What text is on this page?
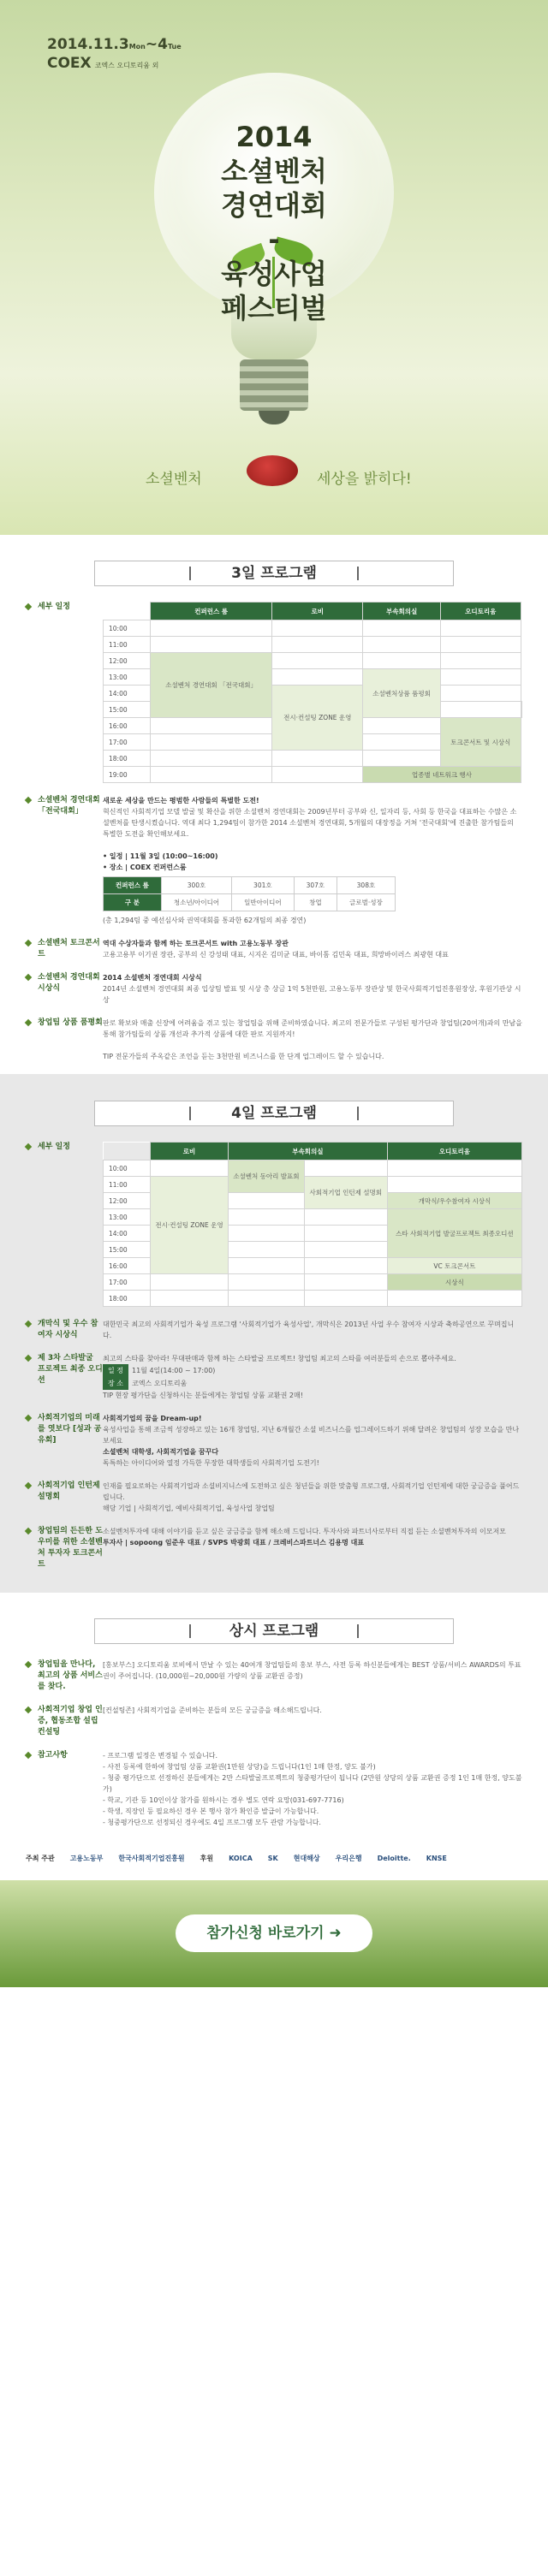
2014.11.3Mon~4Tue
COEX 코엑스 오디토리움 외
2014
소셜벤처
경연대회
-
육성사업
페스티벌
소셜벤처	세상을 밝히다!
3일 프로그램
세부 일정
		컨퍼런스 룸	로비	부속회의실	오디토리움	
10:00					
11:00					
12:00	소셜벤처 경연대회 「전국대회」				
13:00			소셜벤처상품 품평회		
14:00		전시·컨설팅 ZONE 운영			
15:00					
16:00				토크콘서트 및 시상식	
17:00					
18:00					
19:00			업종별 네트워크 행사		
소셜벤처 경연대회 「전국대회」
새로운 세상을 만드는 평범한 사람들의 특별한 도전!
혁신적인 사회적기업 모델 발굴 및 확산을 위한 소셜벤처 경연대회는 2009년부터 공부와 신, 일자리 등, 사회 등 한국을 대표하는 수많은 소셜벤처를 탄생시켰습니다. 역대 최다 1,294팀이 참가한 2014 소셜벤처 경연대회, 5개월의 대장정을 거쳐 '전국대회'에 진출한 참가팀들의 특별한 도전을 확인해보세요.

• 일정 | 11월 3일 (10:00~16:00)
• 장소 | COEX 컨퍼런스룸
컨퍼런스 룸	300호	301호	307호	308호
구 분	청소년/아이디어	일반아이디어	창업	글로벌·성장
(총 1,294팀 중 예선심사와 권역대회를 통과한 62개팀의 최종 경연)
소셜벤처 토크콘서트
역대 수상자들과 함께 하는 토크콘서트 with 고용노동부 장관
고용고용부 이기권 장관, 공부의 신 강성태 대표, 시지온 김미균 대표, 바이톰 김민욱 대표, 희망바이러스 최광현 대표
소셜벤처 경연대회 시상식
2014 소셜벤처 경연대회 시상식
2014년 소셜벤처 경연대회 최종 입상팀 발표 및 시상 총 상금 1억 5천만원, 고용노동부 장관상 및 한국사회적기업진흥원장상, 후원기관상 시상
창업팀 상품 품평회 판로 확보와 매출 신장에 어려움을 겪고 있는 창업팀을 위해 준비하였습니다. 최고의 전문가들로 구성된 평가단과 창업팀(20여개)과의 만남을 통해 참가팀들의 상품 개선과 추가적 상품에 대한 판로 지원까지!

TIP 전문가들의 주옥같은 조언을 듣는 3천만원 비즈니스를 한 단계 업그레이드 할 수 있습니다.
4일 프로그램
세부 일정
		로비	부속회의실		오디토리움
10:00		소셜벤처 동아리 발표회		
11:00	전시·컨설팅 ZONE 운영		사회적기업 인턴제 설명회	
12:00				개막식/우수참여자 시상식
13:00				스타 사회적기업 발굴프로젝트 최종오디션
14:00				
15:00				
16:00				VC 토크콘서트
17:00				시상식
18:00				
개막식 및 우수 참여자 시상식
대한민국 최고의 사회적기업가 육성 프로그램 '사회적기업가 육성사업', 개막식은 2013년 사업 우수 참여자 시상과 축하공연으로 꾸며집니다.
제 3차 스타발굴 프로젝트 최종 오디션
최고의 스타를 찾아라! 무대판매과 함께 하는 스타발굴 프로젝트! 창업팀 최고의 스타를 여러분들의 손으로 뽑아주세요.
일 정 11월 4일(14:00 ~ 17:00)
장 소 코엑스 오디토리움
TIP 현장 평가단을 신청하시는 분들에게는 창업팀 상품 교환권 2매!
사회적기업의 미래를 엿보다 [성과 공유회]
사회적기업의 꿈을 Dream-up!
육성사업을 통해 조금씩 성장하고 있는 16개 창업팀, 지난 6개월간 소셜 비즈니스를 업그레이드하기 위해 달려온 창업팀의 성장 모습을 만나보세요
소셜벤처 대학생, 사회적기업을 꿈꾸다
독특하는 아이디어와 열정 가득한 무장한 대학생들의 사회적기업 도전기!
사회적기업 인턴제 설명회
인재를 필요로하는 사회적기업과 소셜비지니스에 도전하고 싶은 청년들을 위한 맞춤형 프로그램, 사회적기업 인턴제에 대한 궁금증을 풀어드립니다.
해당 기업 | 사회적기업, 예비사회적기업, 육성사업 창업팀
창업팀의 든든한 도우미를 위한 소셜벤처 투자자 토크콘서트
소셜벤처투자에 대해 이야기를 듣고 싶은 궁금증을 함께 해소해 드립니다. 투자사와 파트너사로부터 직접 듣는 소셜벤처투자의 이모저모
투자사 | sopoong 임준우 대표 / SVPS 박광회 대표 / 크레비스파트너스 김용명 대표
상시 프로그램
창업팀을 만나다, 최고의 상품 서비스를 찾다.
[홍보부스] 오디토리움 로비에서 만날 수 있는 40여개 창업팀들의 홍보 부스, 사전 등록 하신분들에게는 BEST 상품/서비스 AWARDS의 투표권이 주어집니다. (10,000원~20,000원 가량의 상품 교환권 증정)
사회적기업 창업 인증, 협동조합 설립 컨설팅
[컨설팅존] 사회적기업을 준비하는 분들의 모든 궁금증을 해소해드립니다.
참고사항	- 프로그램 일정은 변경될 수 있습니다.
- 사전 등록에 한하여 창업팀 상품 교환권(1만원 상당)을 드립니다(1인 1매 한정, 양도 불가)
- 청중 평가단으로 선정하신 분들에게는 2만 스타발굴프로젝트의 청중평가단이 됩니다 (2만원 상당의 상품 교환권 증정 1인 1매 한정, 양도불가)
- 학교, 기관 등 10인이상 참가를 원하시는 경우 별도 연락 요망(031-697-7716)
- 학생, 직장인 등 필요하신 경우 본 행사 참가 확인증 발급이 가능합니다.
- 청중평가단으로 선정되신 경우에도 4일 프로그램 모두 관람 가능합니다.
주최 주관 고용노동부 한국사회적기업진흥원 후원 KOICA SK 현대해상 우리은행 Deloitte. KNSE
참가신청 바로가기 ➜
